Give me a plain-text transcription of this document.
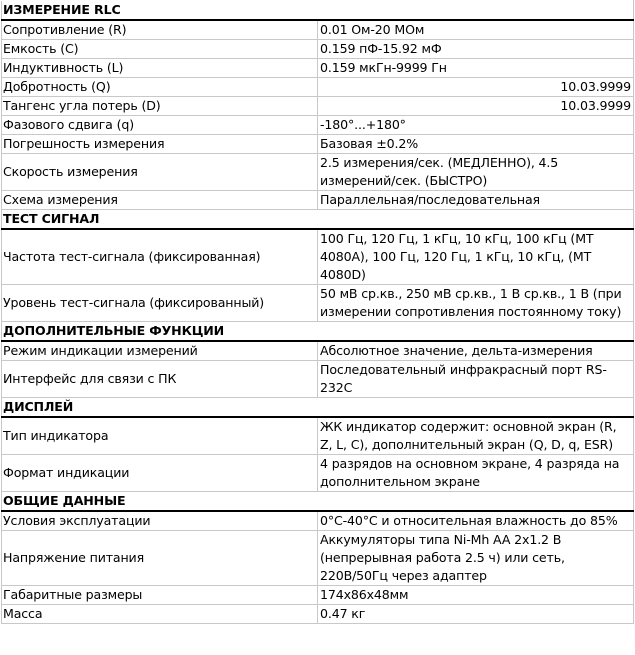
ИЗМЕРЕНИЕ RLC	
Сопротивление (R)	0.01 Ом-20 МОм
Емкость (С)	0.159 пФ-15.92 мФ
Индуктивность (L)	0.159 мкГн-9999 Гн
Добротность (Q)	10.03.9999
Тангенс угла потерь (D)	10.03.9999
Фазового сдвига (q)	-180°...+180°
Погрешность измерения	Базовая ±0.2%
Скорость измерения	2.5 измерения/сек. (МЕДЛЕННО), 4.5 измерений/сек. (БЫСТРО)
Схема измерения	Параллельная/последовательная
ТЕСТ СИГНАЛ	
Частота тест-сигнала (фиксированная)	100 Гц, 120 Гц, 1 кГц, 10 кГц, 100 кГц (МТ 4080A), 100 Гц, 120 Гц, 1 кГц, 10 кГц, (МТ 4080D)
Уровень тест-сигнала (фиксированный)	50 мВ ср.кв., 250 мВ ср.кв., 1 В ср.кв., 1 В (при измерении сопротивления постоянному току)
ДОПОЛНИТЕЛЬНЫЕ ФУНКЦИИ	
Режим индикации измерений	Абсолютное значение, дельта-измерения
Интерфейс для связи с ПК	Последовательный инфракрасный порт RS-232C
ДИСПЛЕЙ	
Тип индикатора	ЖК индикатор содержит: основной экран (R, Z, L, C), дополнительный экран (Q, D, q, ESR)
Формат индикации	4 разрядов на основном экране, 4 разряда на дополнительном экране
ОБЩИЕ ДАННЫЕ	
Условия эксплуатации	0°C-40°C и относительная влажность до 85%
Напряжение питания	Аккумуляторы типа Ni-Mh AA 2x1.2 В (непрерывная работа 2.5 ч) или сеть, 220В/50Гц через адаптер
Габаритные размеры	174x86x48мм
Масса	0.47 кг
